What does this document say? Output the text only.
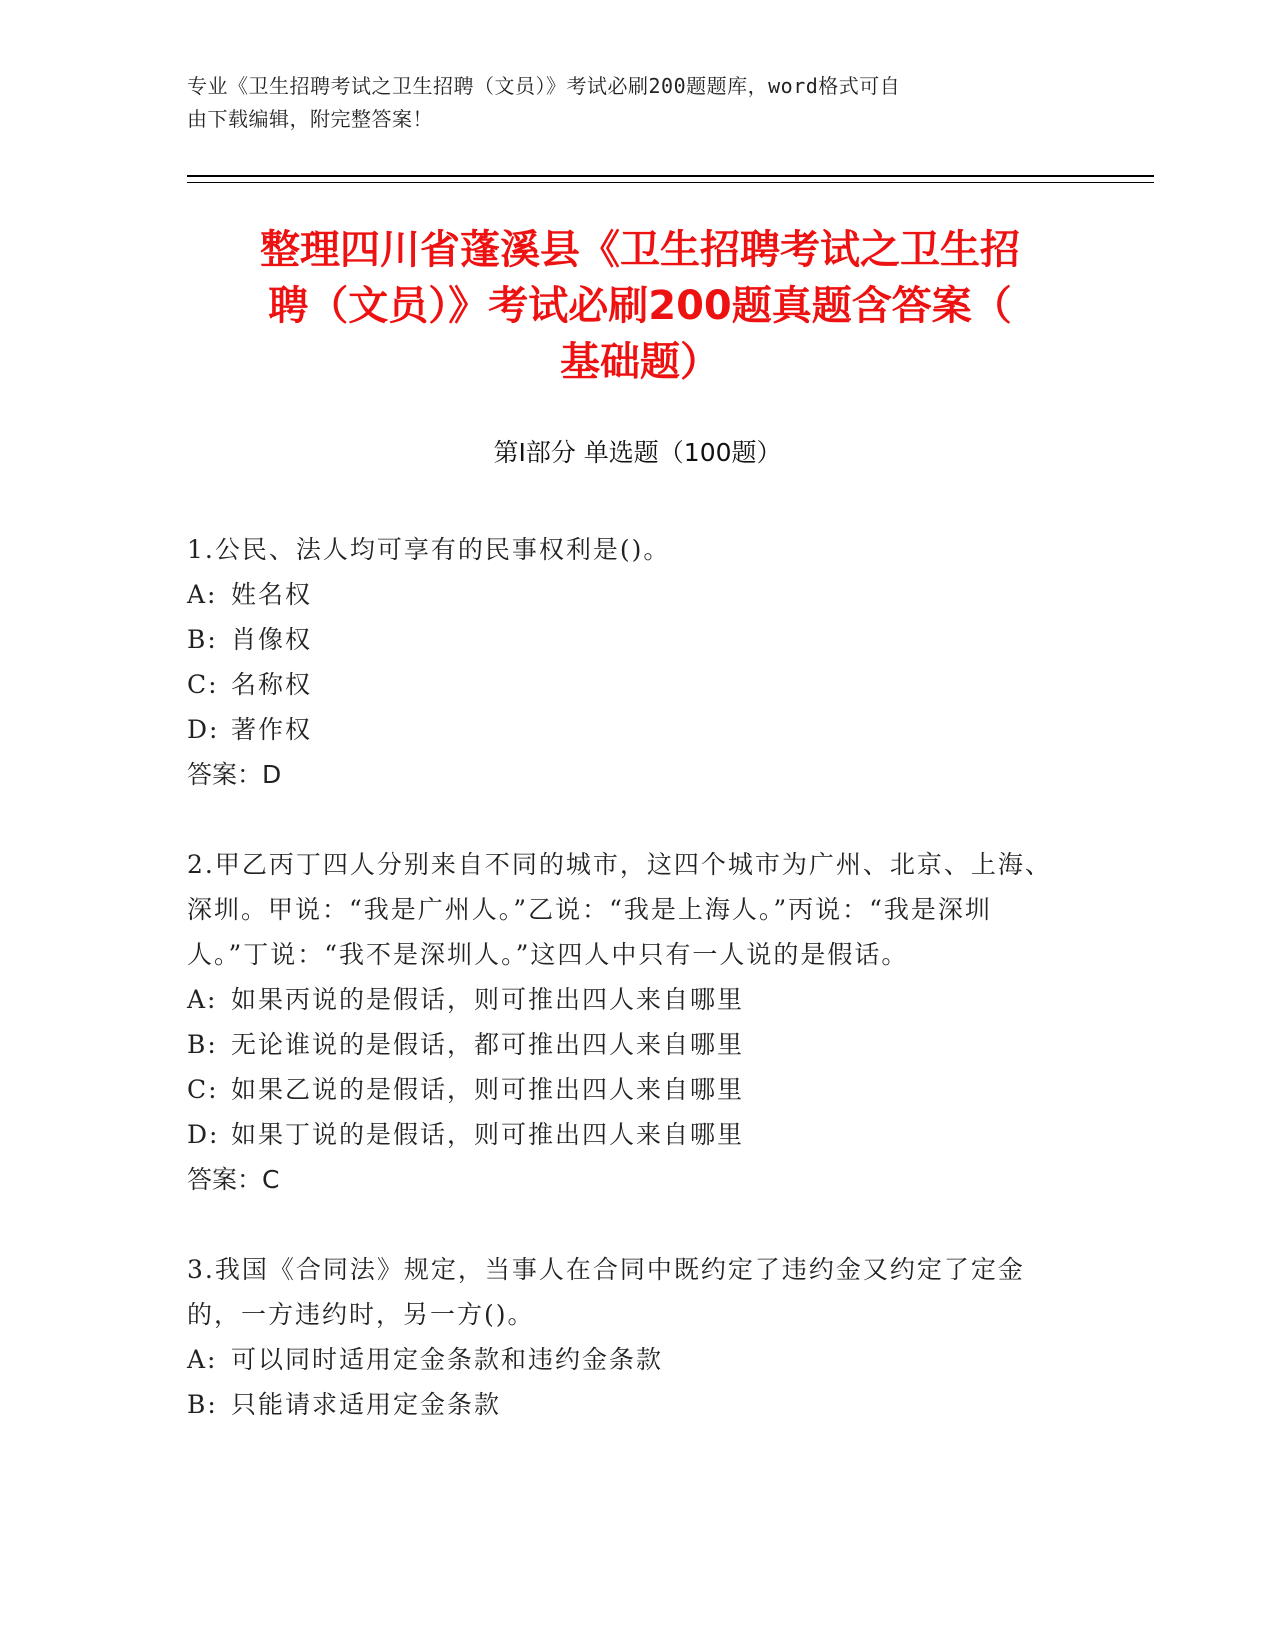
专业《卫生招聘考试之卫生招聘（文员）》考试必刷200题题库，word格式可自
由下载编辑，附完整答案！
整理四川省蓬溪县《卫生招聘考试之卫生招
聘（文员）》考试必刷200题真题含答案（
基础题）
第Ⅰ部分 单选题（100题）

1.公民、法人均可享有的民事权利是()。

A: 姓名权

B: 肖像权

C: 名称权

D: 著作权

答案：D

2.甲乙丙丁四人分别来自不同的城市，这四个城市为广州、北京、上海、深圳。甲说：“我是广州人。”乙说：“我是上海人。”丙说：“我是深圳人。”丁说：“我不是深圳人。”这四人中只有一人说的是假话。

A: 如果丙说的是假话，则可推出四人来自哪里

B: 无论谁说的是假话，都可推出四人来自哪里

C: 如果乙说的是假话，则可推出四人来自哪里

D: 如果丁说的是假话，则可推出四人来自哪里

答案：C

3.我国《合同法》规定，当事人在合同中既约定了违约金又约定了定金的，一方违约时，另一方()。

A: 可以同时适用定金条款和违约金条款

B: 只能请求适用定金条款
